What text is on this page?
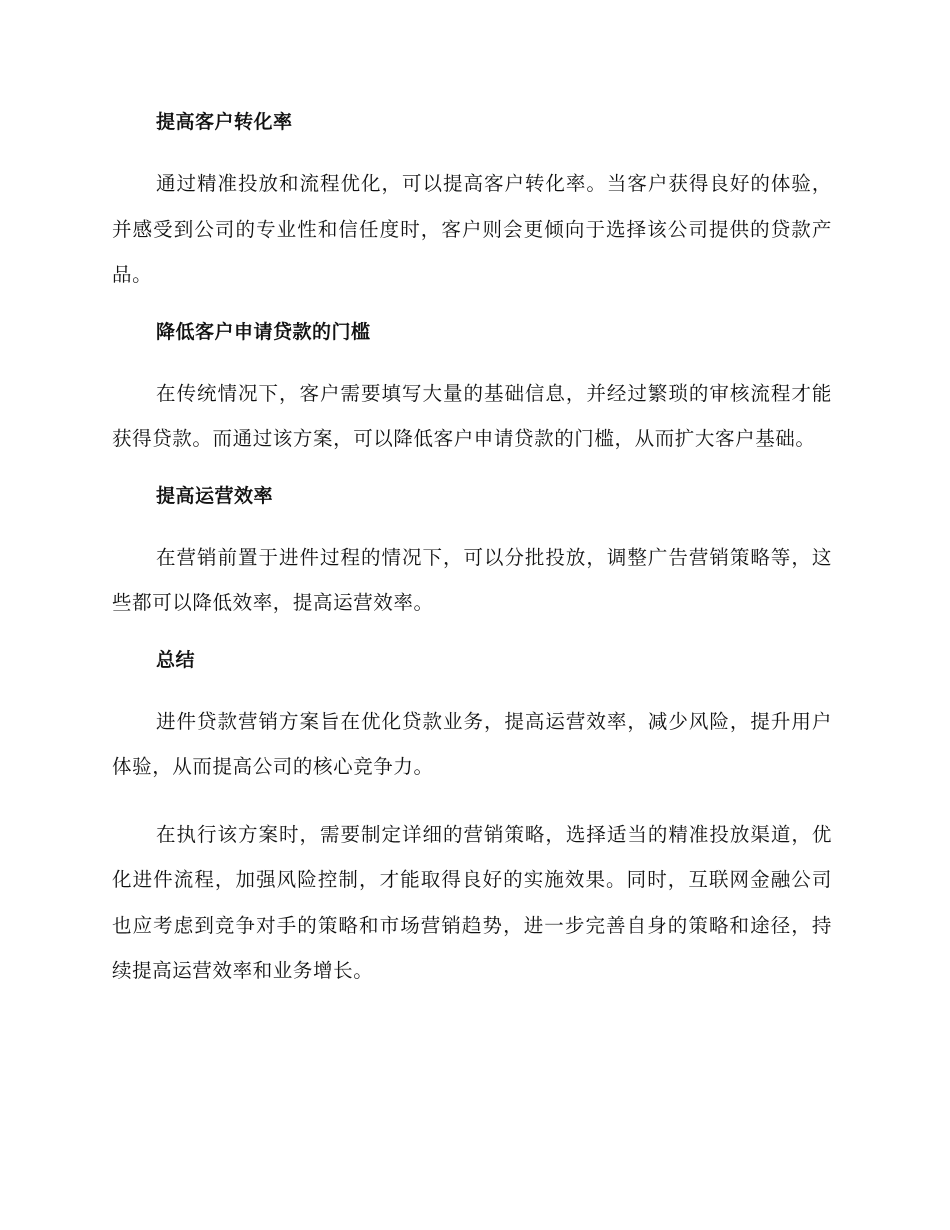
提高客户转化率

通过精准投放和流程优化，可以提高客户转化率。当客户获得良好的体验，并感受到公司的专业性和信任度时，客户则会更倾向于选择该公司提供的贷款产品。

降低客户申请贷款的门槛

在传统情况下，客户需要填写大量的基础信息，并经过繁琐的审核流程才能获得贷款。而通过该方案，可以降低客户申请贷款的门槛，从而扩大客户基础。

提高运营效率

在营销前置于进件过程的情况下，可以分批投放，调整广告营销策略等，这些都可以降低效率，提高运营效率。

总结

进件贷款营销方案旨在优化贷款业务，提高运营效率，减少风险，提升用户体验，从而提高公司的核心竞争力。

在执行该方案时，需要制定详细的营销策略，选择适当的精准投放渠道，优化进件流程，加强风险控制，才能取得良好的实施效果。同时，互联网金融公司也应考虑到竞争对手的策略和市场营销趋势，进一步完善自身的策略和途径，持续提高运营效率和业务增长。
